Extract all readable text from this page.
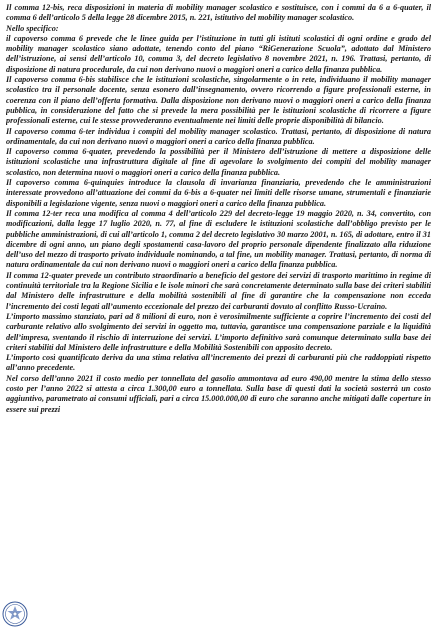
Il comma 12-bis, reca disposizioni in materia di mobility manager scolastico e sostituisce, con i commi da 6 a 6-quater, il comma 6 dell’articolo 5 della legge 28 dicembre 2015, n. 221, istitutivo del mobility manager scolastico.

Nello specifico:

il capoverso comma 6 prevede che le linee guida per l’istituzione in tutti gli istituti scolastici di ogni ordine e grado del mobility manager scolastico siano adottate, tenendo conto del piano “RiGenerazione Scuola”, adottato dal Ministero dell’istruzione, ai sensi dell’articolo 10, comma 3, del decreto legislativo 8 novembre 2021, n. 196. Trattasi, pertanto, di disposizione di natura procedurale, da cui non derivano nuovi o maggiori oneri a carico della finanza pubblica.

Il capoverso comma 6-bis stabilisce che le istituzioni scolastiche, singolarmente o in rete, individuano il mobility manager scolastico tra il personale docente, senza esonero dall’insegnamento, ovvero ricorrendo a figure professionali esterne, in coerenza con il piano dell’offerta formativa. Dalla disposizione non derivano nuovi o maggiori oneri a carico della finanza pubblica, in considerazione del fatto che si prevede la mera possibilità per le istituzioni scolastiche di ricorrere a figure professionali esterne, cui le stesse provvederanno eventualmente nei limiti delle proprie disponibilità di bilancio.

Il capoverso comma 6-ter individua i compiti del mobility manager scolastico. Trattasi, pertanto, di disposizione di natura ordinamentale, da cui non derivano nuovi o maggiori oneri a carico della finanza pubblica.

Il capoverso comma 6-quater, prevedendo la possibilità per il Ministero dell’istruzione di mettere a disposizione delle istituzioni scolastiche una infrastruttura digitale al fine di agevolare lo svolgimento dei compiti del mobility manager scolastico, non determina nuovi o maggiori oneri a carico della finanza pubblica.

Il capoverso comma 6-quinquies introduce la clausola di invarianza finanziaria, prevedendo che le amministrazioni interessate provvedono all’attuazione dei commi da 6-bis a 6-quater nei limiti delle risorse umane, strumentali e finanziarie disponibili a legislazione vigente, senza nuovi o maggiori oneri a carico della finanza pubblica.

Il comma 12-ter reca una modifica al comma 4 dell’articolo 229 del decreto-legge 19 maggio 2020, n. 34, convertito, con modificazioni, dalla legge 17 luglio 2020, n. 77, al fine di escludere le istituzioni scolastiche dall’obbligo previsto per le pubbliche amministrazioni, di cui all’articolo 1, comma 2 del decreto legislativo 30 marzo 2001, n. 165, di adottare, entro il 31 dicembre di ogni anno, un piano degli spostamenti casa-lavoro del proprio personale dipendente finalizzato alla riduzione dell’uso del mezzo di trasporto privato individuale nominando, a tal fine, un mobility manager. Trattasi, pertanto, di norma di natura ordinamentale da cui non derivano nuovi o maggiori oneri a carico della finanza pubblica.

Il comma 12-quater prevede un contributo straordinario a beneficio del gestore dei servizi di trasporto marittimo in regime di continuità territoriale tra la Regione Sicilia e le isole minori che sarà concretamente determinato sulla base dei criteri stabiliti dal Ministero delle infrastrutture e della mobilità sostenibili al fine di garantire che la compensazione non ecceda l’incremento dei costi legati all’aumento eccezionale del prezzo dei carburanti dovuto al conflitto Russo-Ucraino.

L’importo massimo stanziato, pari ad 8 milioni di euro, non è verosimilmente sufficiente a coprire l’incremento dei costi del carburante relativo allo svolgimento dei servizi in oggetto ma, tuttavia, garantisce una compensazione parziale e la liquidità dell’impresa, sventando il rischio di interruzione dei servizi. L’importo definitivo sarà comunque determinato sulla base dei criteri stabiliti dal Ministero delle infrastrutture e della Mobilità Sostenibili con apposito decreto.

L’importo così quantificato deriva da una stima relativa all’incremento dei prezzi di carburanti più che raddoppiati rispetto all’anno precedente.

Nel corso dell’anno 2021 il costo medio per tonnellata del gasolio ammontava ad euro 490,00 mentre la stima dello stesso costo per l’anno 2022 si attesta a circa 1.300,00 euro a tonnellata. Sulla base di questi dati la società sosterrà un costo aggiuntivo, parametrato ai consumi ufficiali, pari a circa 15.000.000,00 di euro che saranno anche mitigati dalle coperture in essere sui prezzi
